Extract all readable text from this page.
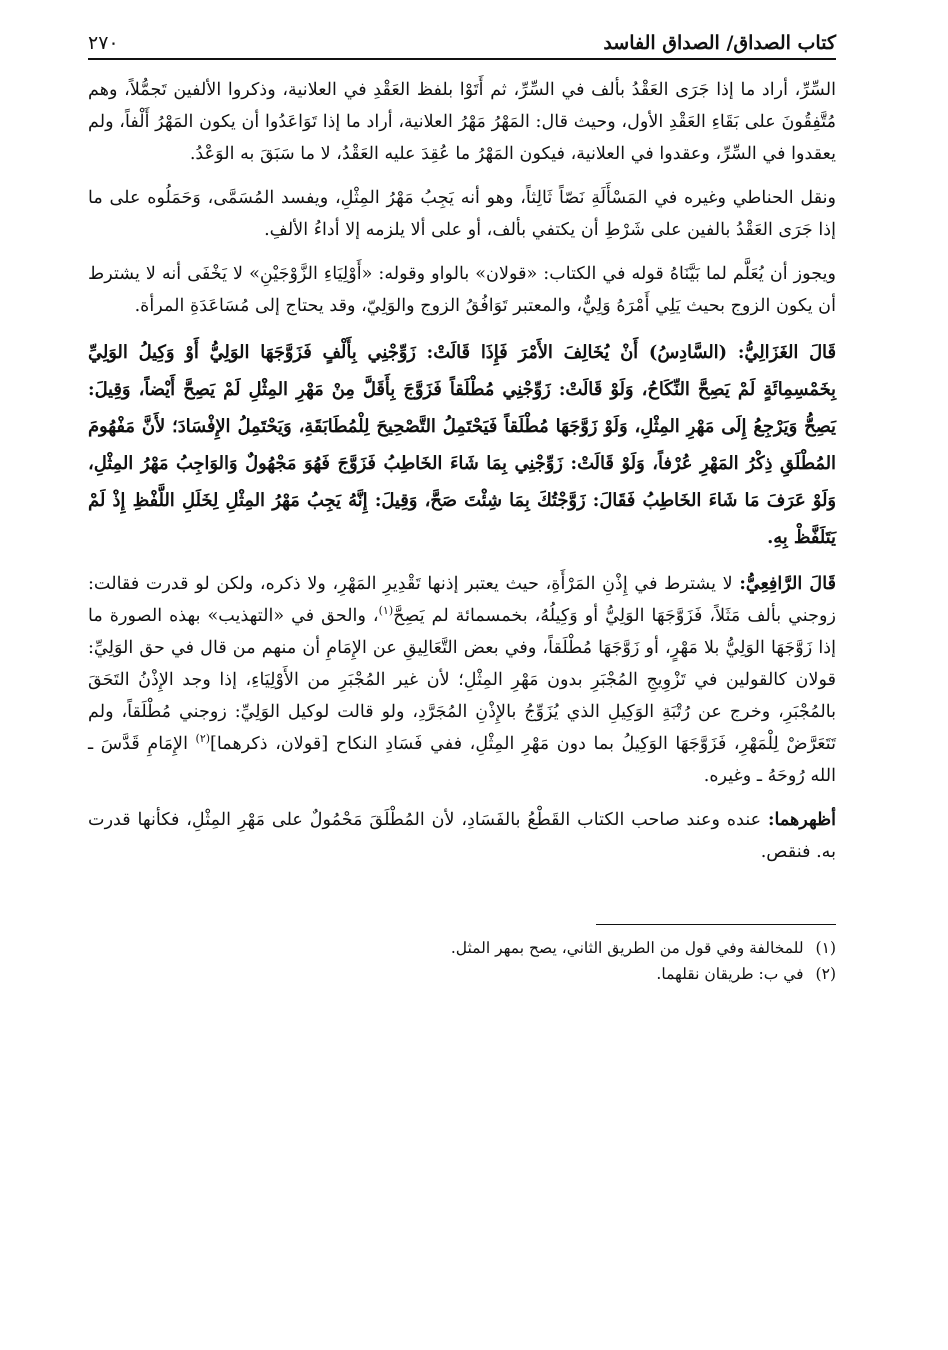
كتاب الصداق/ الصداق الفاسد
٢٧٠

السِّرِّ، أراد ما إذا جَرَى العَقْدُ بألف في السِّرِّ، ثم أَتَوْا بلفظ العَقْدِ في العلانية، وذكروا الألفين تَجمُّلاً، وهم مُتَّفِقُونَ على بَقَاءِ العَقْدِ الأول، وحيث قال: المَهْرُ مَهْرُ العلانية، أراد ما إذا تَوَاعَدُوا أن يكون المَهْرُ أَلْفاً، ولم يعقدوا في السِّرِّ، وعقدوا في العلانية، فيكون المَهْرُ ما عُقِدَ عليه العَقْدُ، لا ما سَبَقَ به الوَعْدُ.

ونقل الحناطي وغيره في المَسْأَلَةِ نَصّاً ثَالِثاً، وهو أنه يَجِبُ مَهْرُ المِثْلِ، ويفسد المُسَمَّى، وَحَمَلُوه على ما إذا جَرَى العَقْدُ بالفين على شَرْطِ أن يكتفي بألف، أو على ألا يلزمه إلا أداءُ الألفِ.

ويجوز أن يُعَلَّم لما بَيَّنَاهُ قوله في الكتاب: «قولان» بالواو وقوله: «أَوْلِيَاءِ الزَّوْجَيْنِ» لا يَخْفَى أنه لا يشترط أن يكون الزوج بحيث يَلِي أَمْرَهُ وَلِيٌّ، والمعتبر تَوَافُقُ الزوج والوَلِيّ، وقد يحتاج إلى مُسَاعَدَةِ المرأة.

قَالَ الغَزَالِيُّ: (السَّادِسُ) أَنْ يُخَالِفَ الأَمْرَ فَإِذَا قَالَتْ: زَوِّجْنِي بِأَلْفٍ فَزَوَّجَهَا الوَلِيُّ أَوْ وَكِيلُ الوَلِيِّ بِخَمْسِمِائَةٍ لَمْ يَصِحَّ النِّكَاحُ، وَلَوْ قَالَتْ: زَوِّجْنِي مُطْلَقاً فَزَوَّجَ بِأَقَلَّ مِنْ مَهْرِ المِثْلِ لَمْ يَصِحَّ أَيْضاً، وَقِيلَ: يَصِحُّ وَيَرْجِعُ إِلَى مَهْرِ المِثْلِ، وَلَوْ زَوَّجَهَا مُطْلَقاً فَيَحْتَمِلُ التَّصْحِيحَ لِلْمُطَابَقَةِ، وَيَحْتَمِلُ الإِفْسَادَ؛ لأَنَّ مَفْهُومَ المُطْلَقِ ذِكْرُ المَهْرِ عُرْفاً، وَلَوْ قَالَتْ: زَوِّجْنِي بِمَا شَاءَ الخَاطِبُ فَزَوَّجَ فَهُوَ مَجْهُولٌ وَالوَاجِبُ مَهْرُ المِثْلِ، وَلَوْ عَرَفَ مَا شَاءَ الخَاطِبُ فَقَالَ: زَوَّجْتُكَ بِمَا شِئْتَ صَحَّ، وَقِيلَ: إِنَّهُ يَجِبُ مَهْرُ المِثْلِ لِخَلَلِ اللَّفْظِ إِذْ لَمْ يَتَلَفَّظْ بِهِ.

قَالَ الرَّافِعِيُّ: لا يشترط في إِذْنِ المَرْأَةِ، حيث يعتبر إذنها تَقْدِيرِ المَهْرِ، ولا ذكره، ولكن لو قدرت فقالت: زوجني بألف مَثَلاً، فَزَوَّجَهَا الوَلِيُّ أو وَكِيلُهُ، بخمسمائة لم يَصِحَّ$^{(١)}$، والحق في «التهذيب» بهذه الصورة ما إذا زَوَّجَهَا الوَلِيُّ بلا مَهْرٍ، أو زَوَّجَهَا مُطْلَقاً، وفي بعض التَّعَالِيقِ عن الإِمَامِ أن منهم من قال في حق الوَلِيِّ: قولان كالقولين في تَزْوِيجِ المُجْبَرِ بدون مَهْرِ المِثْلِ؛ لأن غير المُجْبَرِ من الأَوْلِيَاءِ، إذا وجد الإِذْنُ التَحَقَ بالمُجْبَرِ، وخرج عن رُتْبَةِ الوَكِيلِ الذي يُزَوِّجُ بالإِذْنِ المُجَرَّدِ، ولو قالت لوكيل الوَلِيِّ: زوجني مُطْلَقاً، ولم تَتَعَرَّضْ لِلْمَهْرِ، فَزَوَّجَهَا الوَكِيلُ بما دون مَهْرِ المِثْلِ، ففي فَسَادِ النكاح [قولان، ذكرهما]$^{(٢)}$ الإِمَامِ قَدَّسَ ـ الله رُوحَهُ ـ وغيره.

أظهرهما: عنده وعند صاحب الكتاب القَطْعُ بالفَسَادِ، لأن المُطْلَقَ مَحْمُولٌ على مَهْرِ المِثْلِ، فكأنها قدرت به. فنقص.

(١)
للمخالفة وفي قول من الطريق الثاني، يصح بمهر المثل.
(٢)
في ب: طريقان نقلهما.
